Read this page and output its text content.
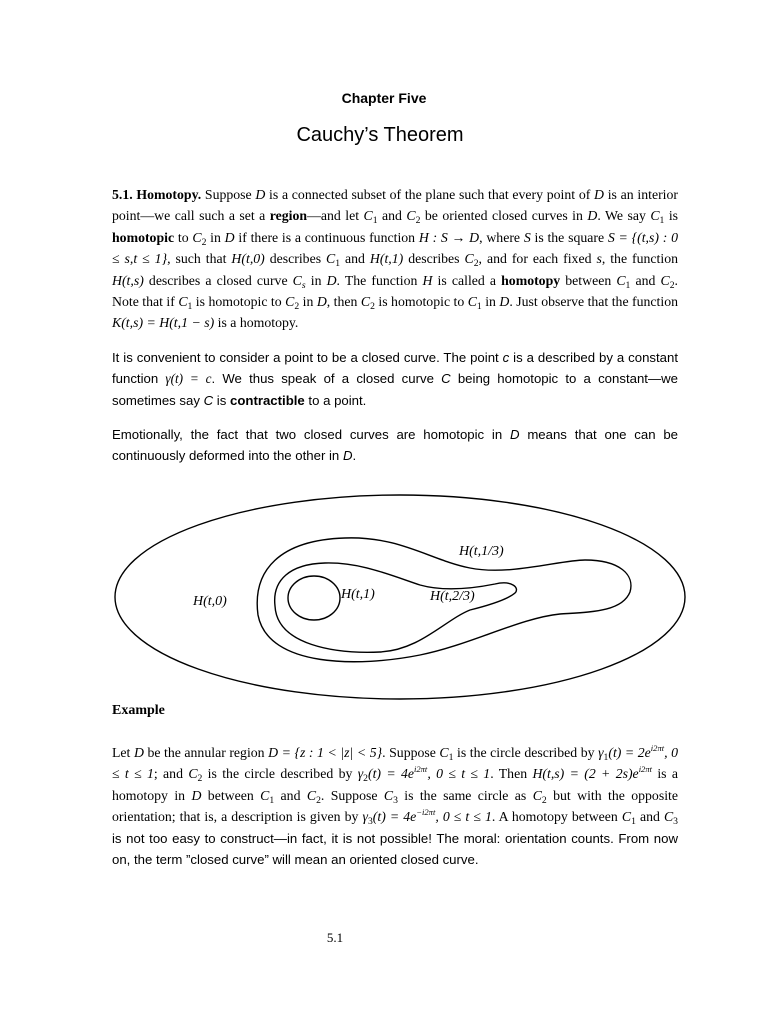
Chapter Five
Cauchy’s Theorem
5.1. Homotopy. Suppose D is a connected subset of the plane such that every point of D is an interior point—we call such a set a region—and let $C_1$ and $C_2$ be oriented closed curves in D. We say $C_1$ is homotopic to $C_2$ in D if there is a continuous function H : S → D, where S is the square S = {(t,s) : 0 ≤ s,t ≤ 1}, such that H(t,0) describes $C_1$ and H(t,1) describes $C_2$, and for each fixed s, the function H(t,s) describes a closed curve $C_s$ in D. The function H is called a homotopy between $C_1$ and $C_2$. Note that if $C_1$ is homotopic to $C_2$ in D, then $C_2$ is homotopic to $C_1$ in D. Just observe that the function K(t,s) = H(t,1 − s) is a homotopy.
It is convenient to consider a point to be a closed curve. The point c is a described by a constant function γ(t) = c. We thus speak of a closed curve C being homotopic to a constant—we sometimes say C is contractible to a point.
Emotionally, the fact that two closed curves are homotopic in D means that one can be continuously deformed into the other in D.
H(t,1/3)
H(t,1)	H(t,2/3)
H(t,0)
Example
Let D be the annular region D = {z : 1 < |z| < 5}. Suppose $C_1$ is the circle described by $\gamma_1(t) = 2e^{i2\pi t}$, 0 ≤ t ≤ 1; and $C_2$ is the circle described by $\gamma_2(t) = 4e^{i2\pi t}$, 0 ≤ t ≤ 1. Then $H(t,s) = (2 + 2s)e^{i2\pi t}$ is a homotopy in D between $C_1$ and $C_2$. Suppose $C_3$ is the same circle as $C_2$ but with the opposite orientation; that is, a description is given by $\gamma_3(t) = 4e^{-i2\pi t}$, 0 ≤ t ≤ 1. A homotopy between $C_1$ and $C_3$ is not too easy to construct—in fact, it is not possible! The moral: orientation counts. From now on, the term ”closed curve” will mean an oriented closed curve.
5.1
